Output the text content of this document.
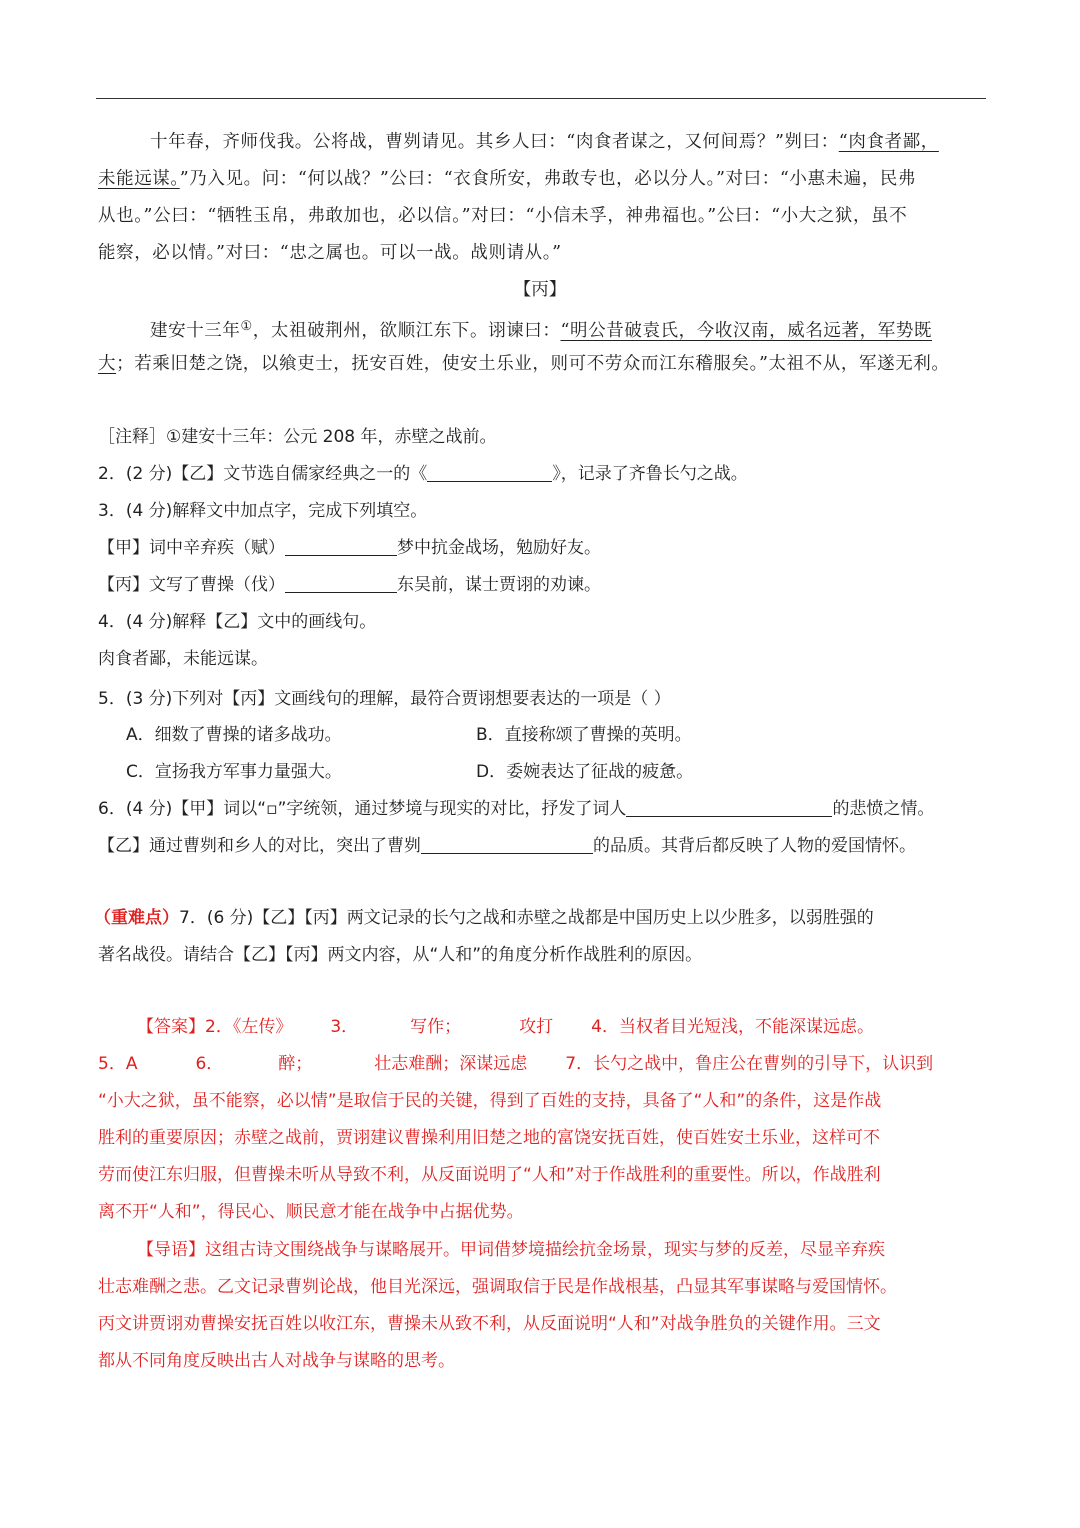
十年春，齐师伐我。公将战，曹刿请见。其乡人曰：“肉食者谋之，又何间焉？”刿曰：“肉食者鄙，
未能远谋。”乃入见。问：“何以战？”公曰：“衣食所安，弗敢专也，必以分人。”对曰：“小惠未遍，民弗
从也。”公曰：“牺牲玉帛，弗敢加也，必以信。”对曰：“小信未孚，神弗福也。”公曰：“小大之狱，虽不
能察，必以情。”对曰：“忠之属也。可以一战。战则请从。”
【丙】
建安十三年①，太祖破荆州，欲顺江东下。诩谏曰：“明公昔破袁氏，今收汉南，威名远著，军势既
大；若乘旧楚之饶，以飨吏士，抚安百姓，使安土乐业，则可不劳众而江东稽服矣。”太祖不从，军遂无利。
［注释］①建安十三年：公元 208 年，赤壁之战前。
2．(2 分)【乙】文节选自儒家经典之一的《	》，记录了齐鲁长勺之战。
3．(4 分)解释文中加点字，完成下列填空。
【甲】词中辛弃疾（赋）	梦中抗金战场，勉励好友。
【丙】文写了曹操（伐）	东吴前，谋士贾诩的劝谏。
4．(4 分)解释【乙】文中的画线句。
肉食者鄙，未能远谋。
5．(3 分)下列对【丙】文画线句的理解，最符合贾诩想要表达的一项是（ ）
A．细数了曹操的诸多战功。	B．直接称颂了曹操的英明。
C．宣扬我方军事力量强大。	D．委婉表达了征战的疲惫。
6．(4 分)【甲】词以“▫”字统领，通过梦境与现实的对比，抒发了词人	的悲愤之情。
【乙】通过曹刿和乡人的对比，突出了曹刿	的品质。其背后都反映了人物的爱国情怀。
（重难点）7．(6 分)【乙】【丙】两文记录的长勺之战和赤壁之战都是中国历史上以少胜多，以弱胜强的
著名战役。请结合【乙】【丙】两文内容，从“人和”的角度分析作战胜利的原因。
【答案】2．《左传》 3．	写作；	攻打 4．当权者目光短浅，不能深谋远虑。
5．A	6．	醉；	壮志难酬；深谋远虑 7．长勺之战中，鲁庄公在曹刿的引导下，认识到
“小大之狱，虽不能察，必以情”是取信于民的关键，得到了百姓的支持，具备了“人和”的条件，这是作战
胜利的重要原因；赤壁之战前，贾诩建议曹操利用旧楚之地的富饶安抚百姓，使百姓安土乐业，这样可不
劳而使江东归服，但曹操未听从导致不利，从反面说明了“人和”对于作战胜利的重要性。所以，作战胜利
离不开“人和”，得民心、顺民意才能在战争中占据优势。
【导语】这组古诗文围绕战争与谋略展开。甲词借梦境描绘抗金场景，现实与梦的反差，尽显辛弃疾
壮志难酬之悲。乙文记录曹刿论战，他目光深远，强调取信于民是作战根基，凸显其军事谋略与爱国情怀。
丙文讲贾诩劝曹操安抚百姓以收江东，曹操未从致不利，从反面说明“人和”对战争胜负的关键作用。三文
都从不同角度反映出古人对战争与谋略的思考。
